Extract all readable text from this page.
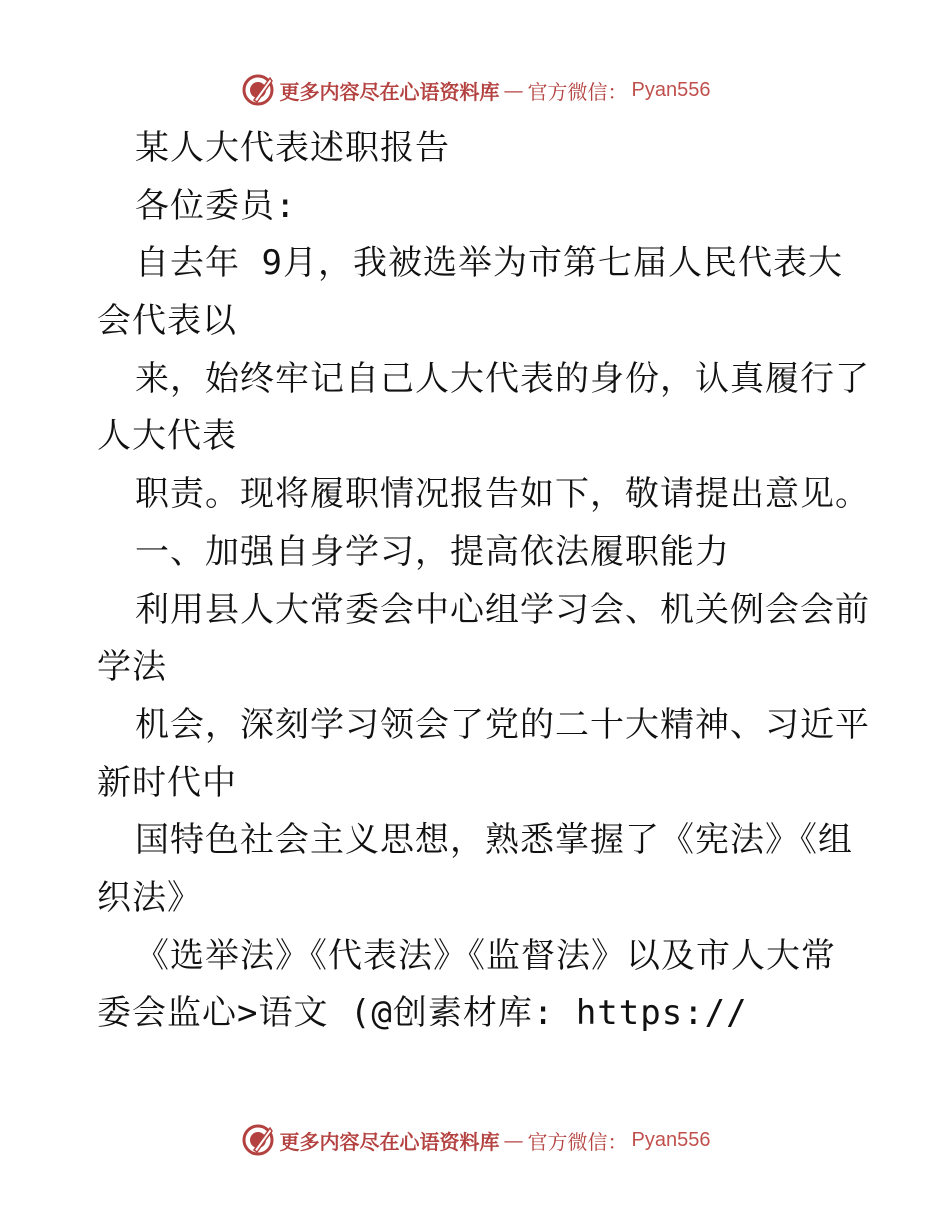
更多内容尽在心语资料库 — 官方微信： Pyan556
某人大代表述职报告
各位委员:
自去年 9月，我被选举为市第七届人民代表大
会代表以
来，始终牢记自己人大代表的身份，认真履行了
人大代表
职责。现将履职情况报告如下，敬请提出意见。
一、加强自身学习，提高依法履职能力
利用县人大常委会中心组学习会、机关例会会前
学法
机会，深刻学习领会了党的二十大精神、习近平
新时代中
国特色社会主义思想，熟悉掌握了《宪法》《组
织法》
《选举法》《代表法》《监督法》以及市人大常
委会监心>语文 (@创素材库: https://
更多内容尽在心语资料库 — 官方微信： Pyan556
